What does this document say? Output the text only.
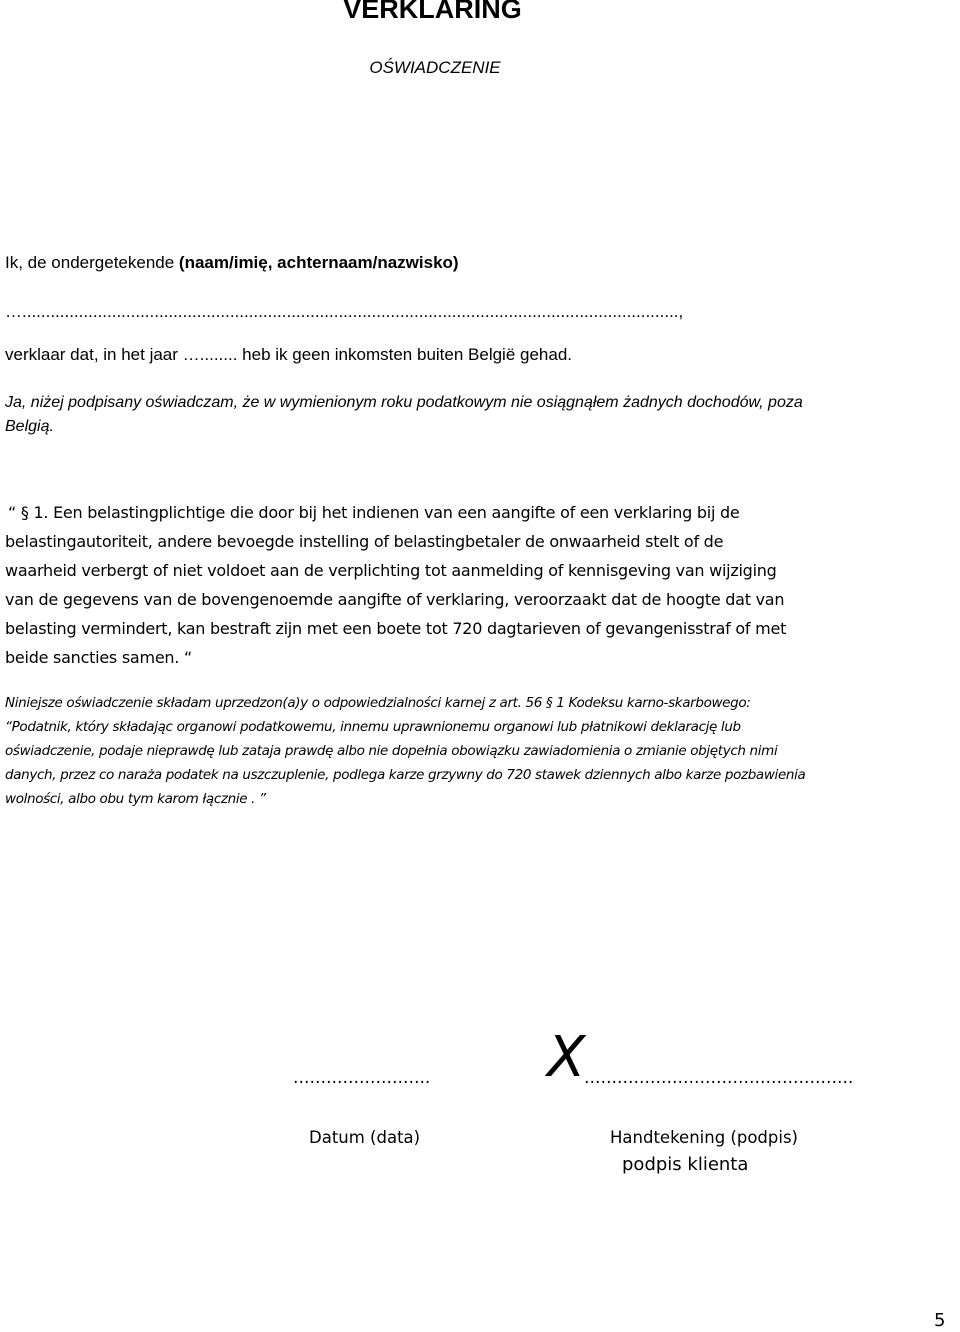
VERKLARING
OŚWIADCZENIE
Ik, de ondergetekende (naam/imię, achternaam/nazwisko)
…...........................................................................................................................................,
verklaar dat, in het jaar …........ heb ik geen inkomsten buiten België gehad.
Ja, niżej podpisany oświadczam, że w wymienionym roku podatkowym nie osiągnąłem żadnych dochodów, poza
Belgią.
“ § 1. Een belastingplichtige die door bij het indienen van een aangifte of een verklaring bij de
belastingautoriteit, andere bevoegde instelling of belastingbetaler de onwaarheid stelt of de
waarheid verbergt of niet voldoet aan de verplichting tot aanmelding of kennisgeving van wijziging
van de gegevens van de bovengenoemde aangifte of verklaring, veroorzaakt dat de hoogte dat van
belasting vermindert, kan bestraft zijn met een boete tot 720 dagtarieven of gevangenisstraf of met
beide sancties samen. “
Niniejsze oświadczenie składam uprzedzon(a)y o odpowiedzialności karnej z art. 56 § 1 Kodeksu karno-skarbowego:
“Podatnik, który składając organowi podatkowemu, innemu uprawnionemu organowi lub płatnikowi deklarację lub
oświadczenie, podaje nieprawdę lub zataja prawdę albo nie dopełnia obowiązku zawiadomienia o zmianie objętych nimi
danych, przez co naraża podatek na uszczuplenie, podlega karze grzywny do 720 stawek dziennych albo karze pozbawienia
wolności, albo obu tym karom łącznie . ”
……………………. X
………………………………………….
Datum (data)	Handtekening (podpis)
podpis klienta
5
